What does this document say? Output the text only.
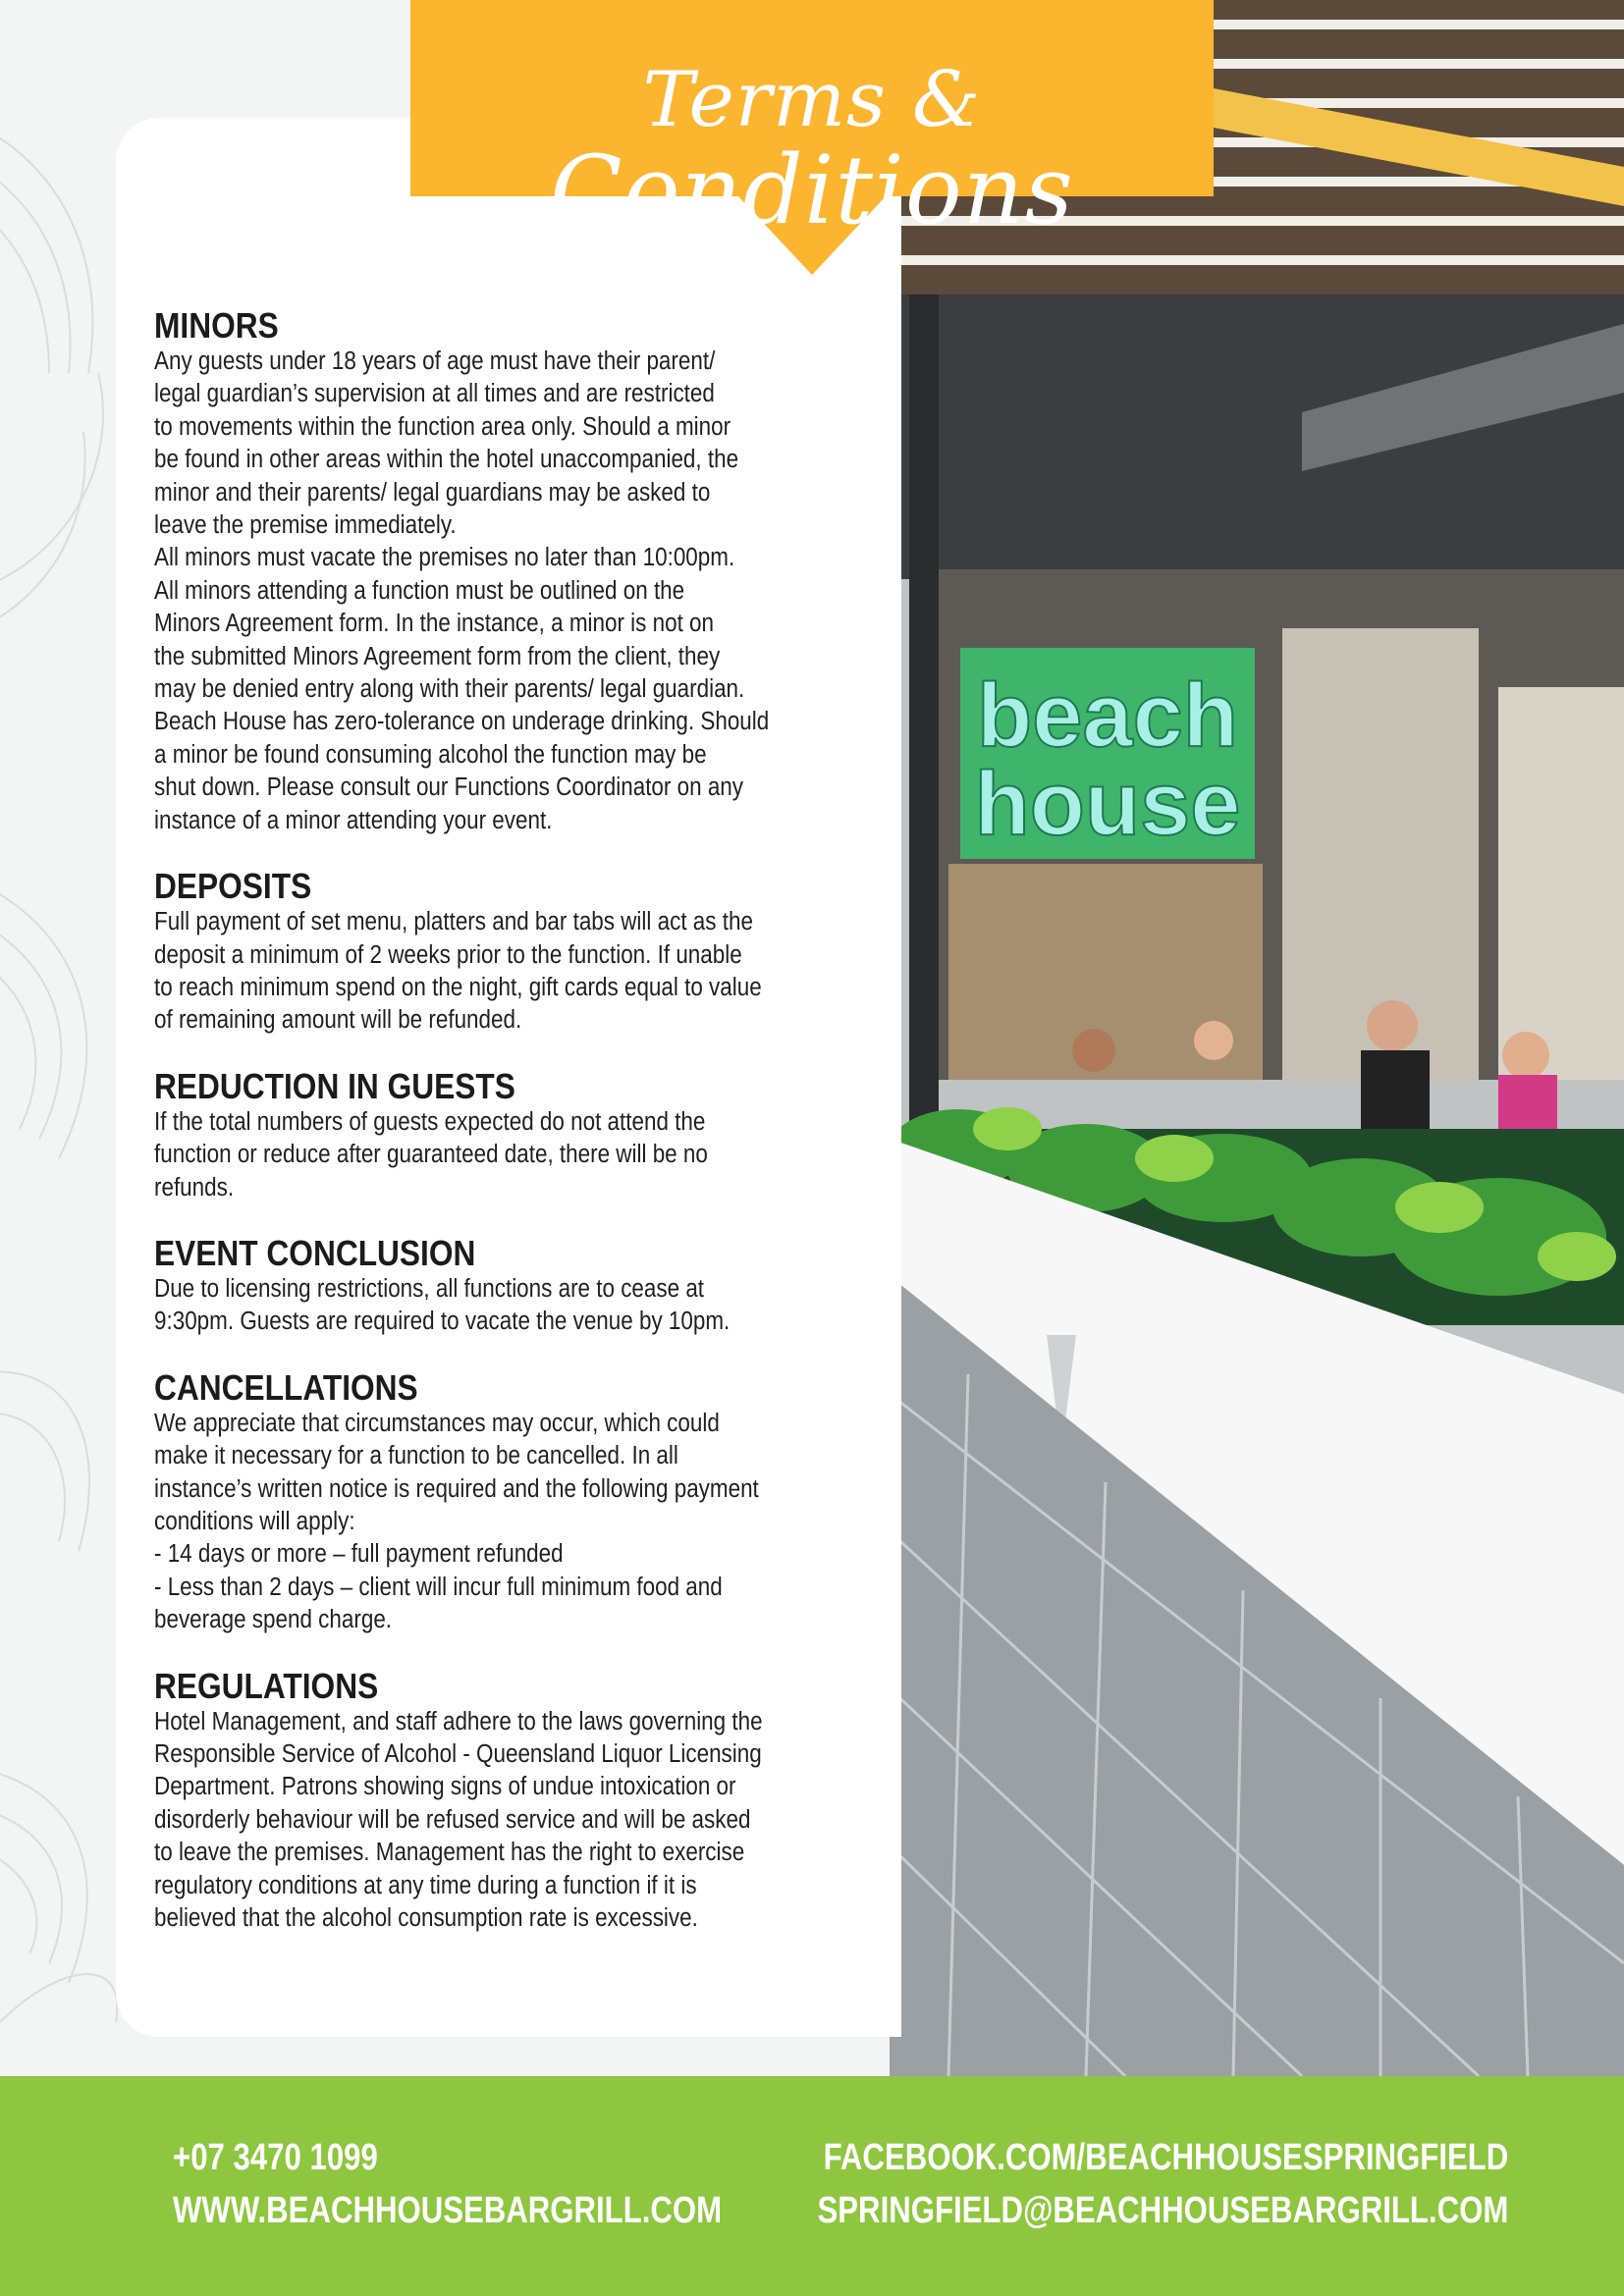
beach
house
Terms &
Conditions
MINORS

Any guests under 18 years of age must have their parent/
legal guardian’s supervision at all times and are restricted
to movements within the function area only. Should a minor
be found in other areas within the hotel unaccompanied, the
minor and their parents/ legal guardians may be asked to
leave the premise immediately.
All minors must vacate the premises no later than 10:00pm.
All minors attending a function must be outlined on the
Minors Agreement form. In the instance, a minor is not on
the submitted Minors Agreement form from the client, they
may be denied entry along with their parents/ legal guardian.
Beach House has zero-tolerance on underage drinking. Should
a minor be found consuming alcohol the function may be
shut down. Please consult our Functions Coordinator on any
instance of a minor attending your event.

DEPOSITS

Full payment of set menu, platters and bar tabs will act as the
deposit a minimum of 2 weeks prior to the function. If unable
to reach minimum spend on the night, gift cards equal to value
of remaining amount will be refunded.

REDUCTION IN GUESTS

If the total numbers of guests expected do not attend the
function or reduce after guaranteed date, there will be no
refunds.

EVENT CONCLUSION

Due to licensing restrictions, all functions are to cease at
9:30pm. Guests are required to vacate the venue by 10pm.

CANCELLATIONS

We appreciate that circumstances may occur, which could
make it necessary for a function to be cancelled. In all
instance’s written notice is required and the following payment
conditions will apply:
- 14 days or more – full payment refunded
- Less than 2 days – client will incur full minimum food and
beverage spend charge.

REGULATIONS

Hotel Management, and staff adhere to the laws governing the
Responsible Service of Alcohol - Queensland Liquor Licensing
Department. Patrons showing signs of undue intoxication or
disorderly behaviour will be refused service and will be asked
to leave the premises. Management has the right to exercise
regulatory conditions at any time during a function if it is
believed that the alcohol consumption rate is excessive.

+07 3470 1099
WWW.BEACHHOUSEBARGRILL.COM
FACEBOOK.COM/BEACHHOUSESPRINGFIELD
SPRINGFIELD@BEACHHOUSEBARGRILL.COM
